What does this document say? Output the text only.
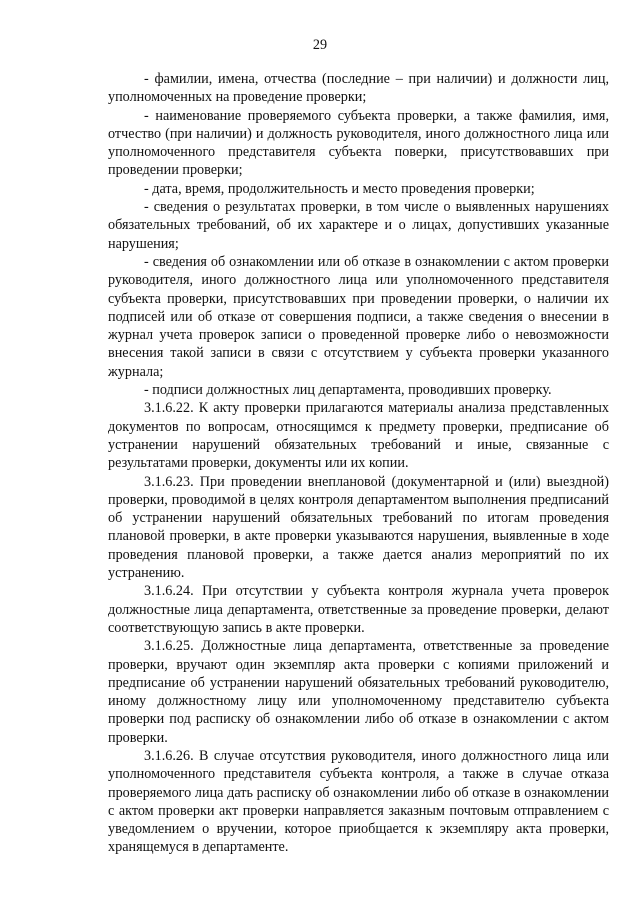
29

- фамилии, имена, отчества (последние – при наличии) и должности лиц, уполномоченных на проведение проверки;

- наименование проверяемого субъекта проверки, а также фамилия, имя, отчество (при наличии) и должность руководителя, иного должностного лица или уполномоченного представителя субъекта поверки, присутствовавших при проведении проверки;

- дата, время, продолжительность и место проведения проверки;

- сведения о результатах проверки, в том числе о выявленных нарушениях обязательных требований, об их характере и о лицах, допустивших указанные нарушения;

- сведения об ознакомлении или об отказе в ознакомлении с актом проверки руководителя, иного должностного лица или уполномоченного представителя субъекта проверки, присутствовавших при проведении проверки, о наличии их подписей или об отказе от совершения подписи, а также сведения о внесении в журнал учета проверок записи о проведенной проверке либо о невозможности внесения такой записи в связи с отсутствием у субъекта проверки указанного журнала;

- подписи должностных лиц департамента, проводивших проверку.

3.1.6.22. К акту проверки прилагаются материалы анализа представленных документов по вопросам, относящимся к предмету проверки, предписание об устранении нарушений обязательных требований и иные, связанные с результатами проверки, документы или их копии.

3.1.6.23. При проведении внеплановой (документарной и (или) выездной) проверки, проводимой в целях контроля департаментом выполнения предписаний об устранении нарушений обязательных требований по итогам проведения плановой проверки, в акте проверки указываются нарушения, выявленные в ходе проведения плановой проверки, а также дается анализ мероприятий по их устранению.

3.1.6.24. При отсутствии у субъекта контроля журнала учета проверок должностные лица департамента, ответственные за проведение проверки, делают соответствующую запись в акте проверки.

3.1.6.25. Должностные лица департамента, ответственные за проведение проверки, вручают один экземпляр акта проверки с копиями приложений и предписание об устранении нарушений обязательных требований руководителю, иному должностному лицу или уполномоченному представителю субъекта проверки под расписку об ознакомлении либо об отказе в ознакомлении с актом проверки.

3.1.6.26. В случае отсутствия руководителя, иного должностного лица или уполномоченного представителя субъекта контроля, а также в случае отказа проверяемого лица дать расписку об ознакомлении либо об отказе в ознакомлении с актом проверки акт проверки направляется заказным почтовым отправлением с уведомлением о вручении, которое приобщается к экземпляру акта проверки, хранящемуся в департаменте.
